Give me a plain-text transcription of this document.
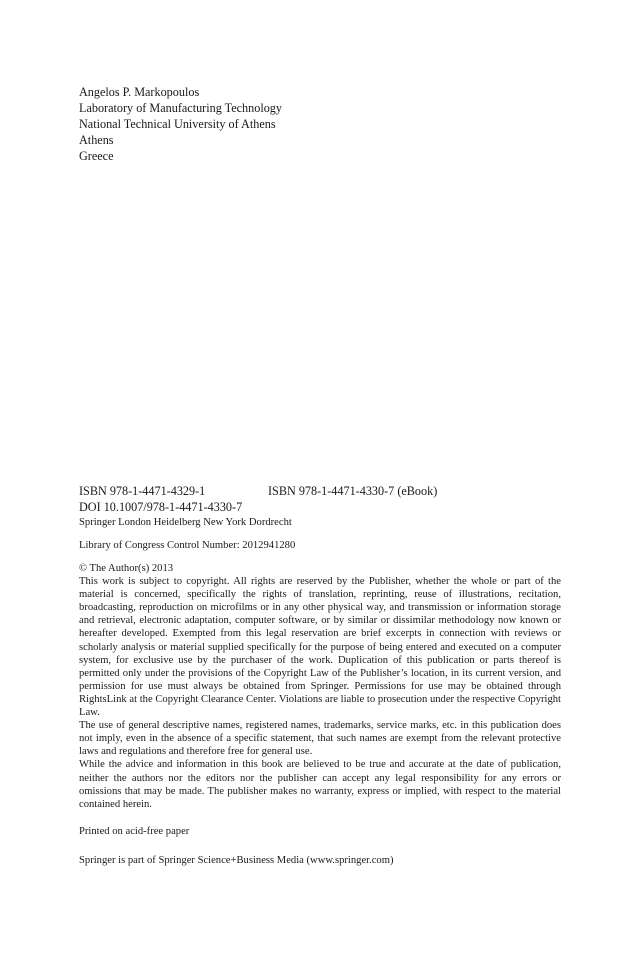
Angelos P. Markopoulos
Laboratory of Manufacturing Technology
National Technical University of Athens
Athens
Greece
ISBN 978-1-4471-4329-1	ISBN 978-1-4471-4330-7 (eBook)
DOI 10.1007/978-1-4471-4330-7
Springer London Heidelberg New York Dordrecht
Library of Congress Control Number: 2012941280
© The Author(s) 2013

This work is subject to copyright. All rights are reserved by the Publisher, whether the whole or part of the material is concerned, specifically the rights of translation, reprinting, reuse of illustrations, recitation, broadcasting, reproduction on microfilms or in any other physical way, and transmission or information storage and retrieval, electronic adaptation, computer software, or by similar or dissimilar methodology now known or hereafter developed. Exempted from this legal reservation are brief excerpts in connection with reviews or scholarly analysis or material supplied specifically for the purpose of being entered and executed on a computer system, for exclusive use by the purchaser of the work. Duplication of this publication or parts thereof is permitted only under the provisions of the Copyright Law of the Publisher’s location, in its current version, and permission for use must always be obtained from Springer. Permissions for use may be obtained through RightsLink at the Copyright Clearance Center. Violations are liable to prosecution under the respective Copyright Law.

The use of general descriptive names, registered names, trademarks, service marks, etc. in this publication does not imply, even in the absence of a specific statement, that such names are exempt from the relevant protective laws and regulations and therefore free for general use.

While the advice and information in this book are believed to be true and accurate at the date of publication, neither the authors nor the editors nor the publisher can accept any legal responsibility for any errors or omissions that may be made. The publisher makes no warranty, express or implied, with respect to the material contained herein.

Printed on acid-free paper
Springer is part of Springer Science+Business Media (www.springer.com)
